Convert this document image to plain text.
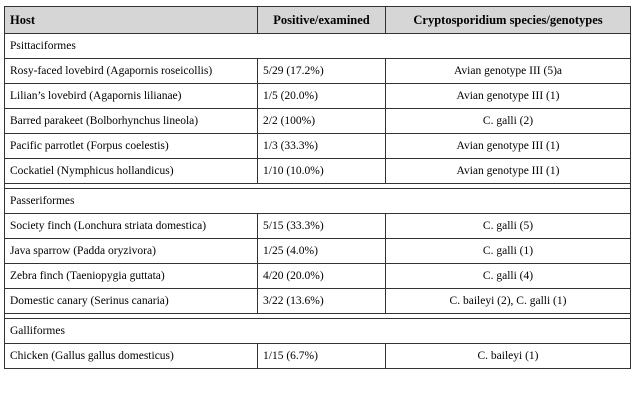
Host	Positive/examined	Cryptosporidium species/genotypes
Psittaciformes		
Rosy-faced lovebird (Agapornis roseicollis)	5/29 (17.2%)	Avian genotype III (5)a
Lilian’s lovebird (Agapornis lilianae)	1/5 (20.0%)	Avian genotype III (1)
Barred parakeet (Bolborhynchus lineola)	2/2 (100%)	C. galli (2)
Pacific parrotlet (Forpus coelestis)	1/3 (33.3%)	Avian genotype III (1)
Cockatiel (Nymphicus hollandicus)	1/10 (10.0%)	Avian genotype III (1)

Passeriformes		
Society finch (Lonchura striata domestica)	5/15 (33.3%)	C. galli (5)
Java sparrow (Padda oryzivora)	1/25 (4.0%)	C. galli (1)
Zebra finch (Taeniopygia guttata)	4/20 (20.0%)	C. galli (4)
Domestic canary (Serinus canaria)	3/22 (13.6%)	C. baileyi (2), C. galli (1)

Galliformes		
Chicken (Gallus gallus domesticus)	1/15 (6.7%)	C. baileyi (1)
